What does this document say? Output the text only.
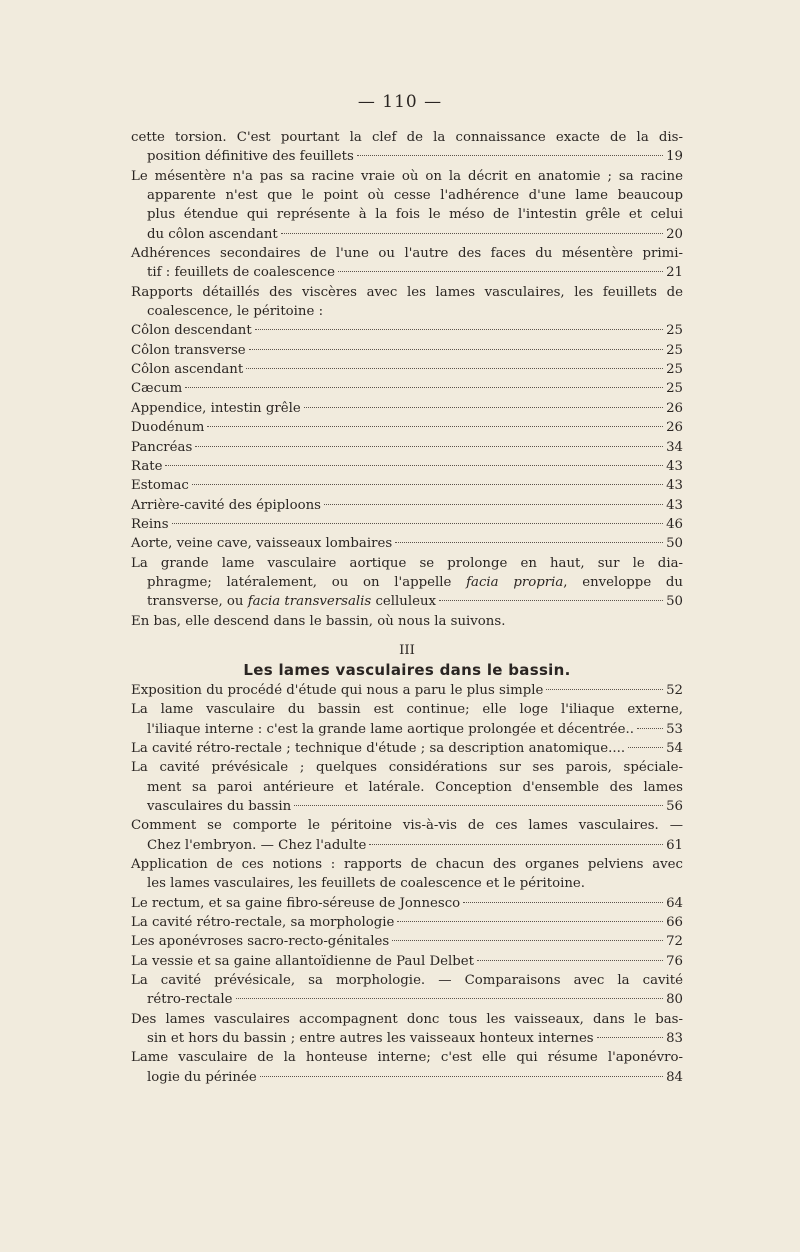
— 110 —
cette torsion. C'est pourtant la clef de la connaissance exacte de la dis-
position définitive des feuillets	19
Le mésentère n'a pas sa racine vraie où on la décrit en anatomie ; sa racine
apparente n'est que le point où cesse l'adhérence d'une lame beaucoup
plus étendue qui représente à la fois le méso de l'intestin grêle et celui
du côlon ascendant	20
Adhérences secondaires de l'une ou l'autre des faces du mésentère primi-
tif : feuillets de coalescence	21
Rapports détaillés des viscères avec les lames vasculaires, les feuillets de
coalescence, le péritoine :
Côlon descendant	25
Côlon transverse	25
Côlon ascendant	25
Cæcum	25
Appendice, intestin grêle	26
Duodénum	26
Pancréas	34
Rate	43
Estomac	43
Arrière-cavité des épiploons	43
Reins	46
Aorte, veine cave, vaisseaux lombaires	50
La grande lame vasculaire aortique se prolonge en haut, sur le dia-
phragme; latéralement, ou on l'appelle facia propria, enveloppe du
transverse, ou facia transversalis celluleux	50
En bas, elle descend dans le bassin, où nous la suivons.
III
Les lames vasculaires dans le bassin.
Exposition du procédé d'étude qui nous a paru le plus simple	52
La lame vasculaire du bassin est continue; elle loge l'iliaque externe,
l'iliaque interne : c'est la grande lame aortique prolongée et décentrée.. 53
La cavité rétro-rectale ; technique d'étude ; sa description anatomique....	54
La cavité prévésicale ; quelques considérations sur ses parois, spéciale-
ment sa paroi antérieure et latérale. Conception d'ensemble des lames
vasculaires du bassin	56
Comment se comporte le péritoine vis-à-vis de ces lames vasculaires. —
Chez l'embryon. — Chez l'adulte	61
Application de ces notions : rapports de chacun des organes pelviens avec
les lames vasculaires, les feuillets de coalescence et le péritoine.
Le rectum, et sa gaine fibro-séreuse de Jonnesco	64
La cavité rétro-rectale, sa morphologie	66
Les aponévroses sacro-recto-génitales	72
La vessie et sa gaine allantoïdienne de Paul Delbet	76
La cavité prévésicale, sa morphologie. — Comparaisons avec la cavité
rétro-rectale	80
Des lames vasculaires accompagnent donc tous les vaisseaux, dans le bas-
sin et hors du bassin ; entre autres les vaisseaux honteux internes	83
Lame vasculaire de la honteuse interne; c'est elle qui résume l'aponévro-
logie du périnée	84
